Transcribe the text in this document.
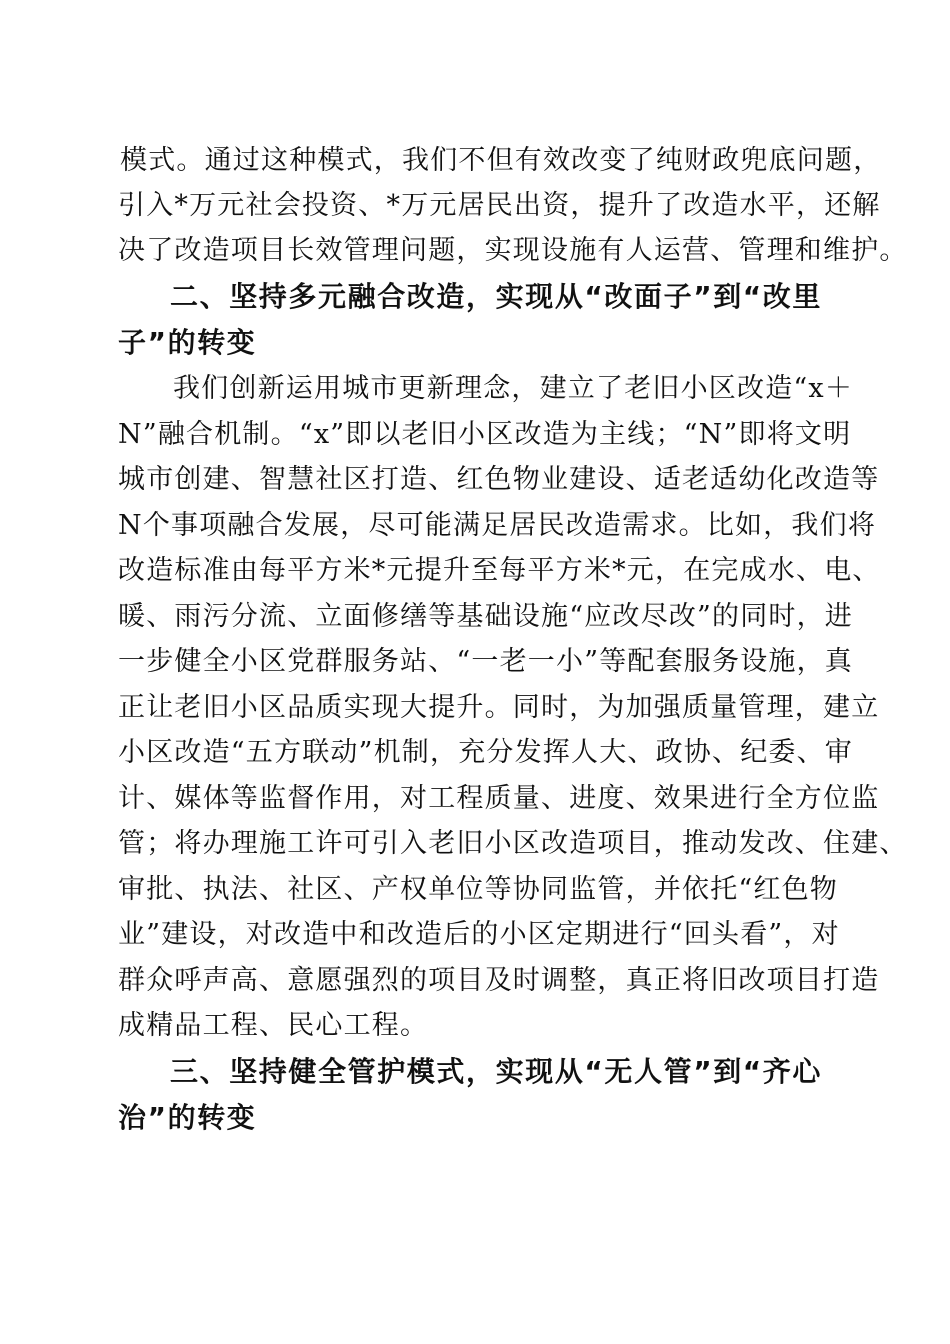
模式。通过这种模式，我们不但有效改变了纯财政兜底问题，
引入*万元社会投资、*万元居民出资，提升了改造水平，还解
决了改造项目长效管理问题，实现设施有人运营、管理和维护。
二、坚持多元融合改造，实现从“改面子”到“改里
子”的转变
我们创新运用城市更新理念，建立了老旧小区改造“x＋
N”融合机制。“x”即以老旧小区改造为主线；“N”即将文明
城市创建、智慧社区打造、红色物业建设、适老适幼化改造等
N个事项融合发展，尽可能满足居民改造需求。比如，我们将
改造标准由每平方米*元提升至每平方米*元，在完成水、电、
暖、雨污分流、立面修缮等基础设施“应改尽改”的同时，进
一步健全小区党群服务站、“一老一小”等配套服务设施，真
正让老旧小区品质实现大提升。同时，为加强质量管理，建立
小区改造“五方联动”机制，充分发挥人大、政协、纪委、审
计、媒体等监督作用，对工程质量、进度、效果进行全方位监
管；将办理施工许可引入老旧小区改造项目，推动发改、住建、
审批、执法、社区、产权单位等协同监管，并依托“红色物
业”建设，对改造中和改造后的小区定期进行“回头看”，对
群众呼声高、意愿强烈的项目及时调整，真正将旧改项目打造
成精品工程、民心工程。
三、坚持健全管护模式，实现从“无人管”到“齐心
治”的转变
